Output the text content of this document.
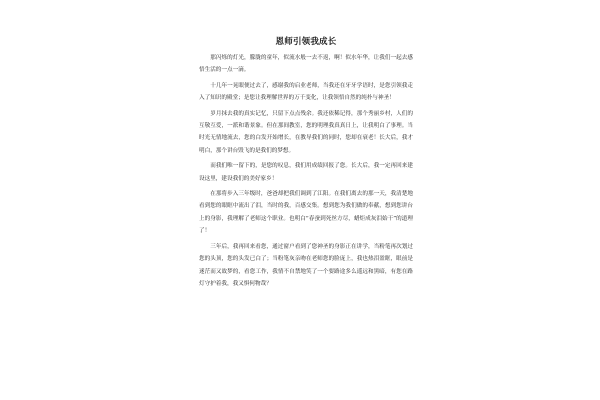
恩师引领我成长

那闪烁的灯光，朦胧的童年，似流水般一去不返，啊！似水年华，让我们一起去感悟生活的一点一滴。

十几年一晃眼便过去了，感谢我的启业老师，当我还在牙牙学语时，是您引领我走入了知识的殿堂；是您让我理解世界的万千变化，让我领悟自然的纯朴与神圣！

岁月抹去我的真实记忆，只留下点点残余。我还依稀记得，那个秀丽乡村，人们的互敬互爱，一派和谐景象。但在那间教室，您的明理我真真日上，让我明白了事理。当时光无情地流去，您的白发开始增长，在教导我们的同时，您却在衰老！长大后，我才明白，那个讲台毁飞的是我们的梦想。

而我们唯一留下的，是您的叹息，我们用成绩回报了您。长大后，我一定再回来建设这里，建设我们的美好家乡！

在那将步入三年级时，爸爸却把我们调到了江阳。在我们离去的那一天，我清楚地看到您的眼眶中流出了泪，当时的我，百感交集。想到您为我们做的奉献，想到您讲台上的身影，我理解了老师这个职业。也明白“春蚕到死丝方尽，蜡炬成灰泪始干”的道理了！

三年后，我再回来看您，通过窗户看到了您神圣的身影正在讲学，当粉笔再次划过您的头顶，您的头发已白了；当粉笔灰亲吻在老师您的脸庞上，我也热泪盈眶，眼前是迷茫而又故梦的，看您工作，我情不自禁地笑了一个要路途多么遥远和黑暗，有您在路灯守护着我，我又惧何物哉？
